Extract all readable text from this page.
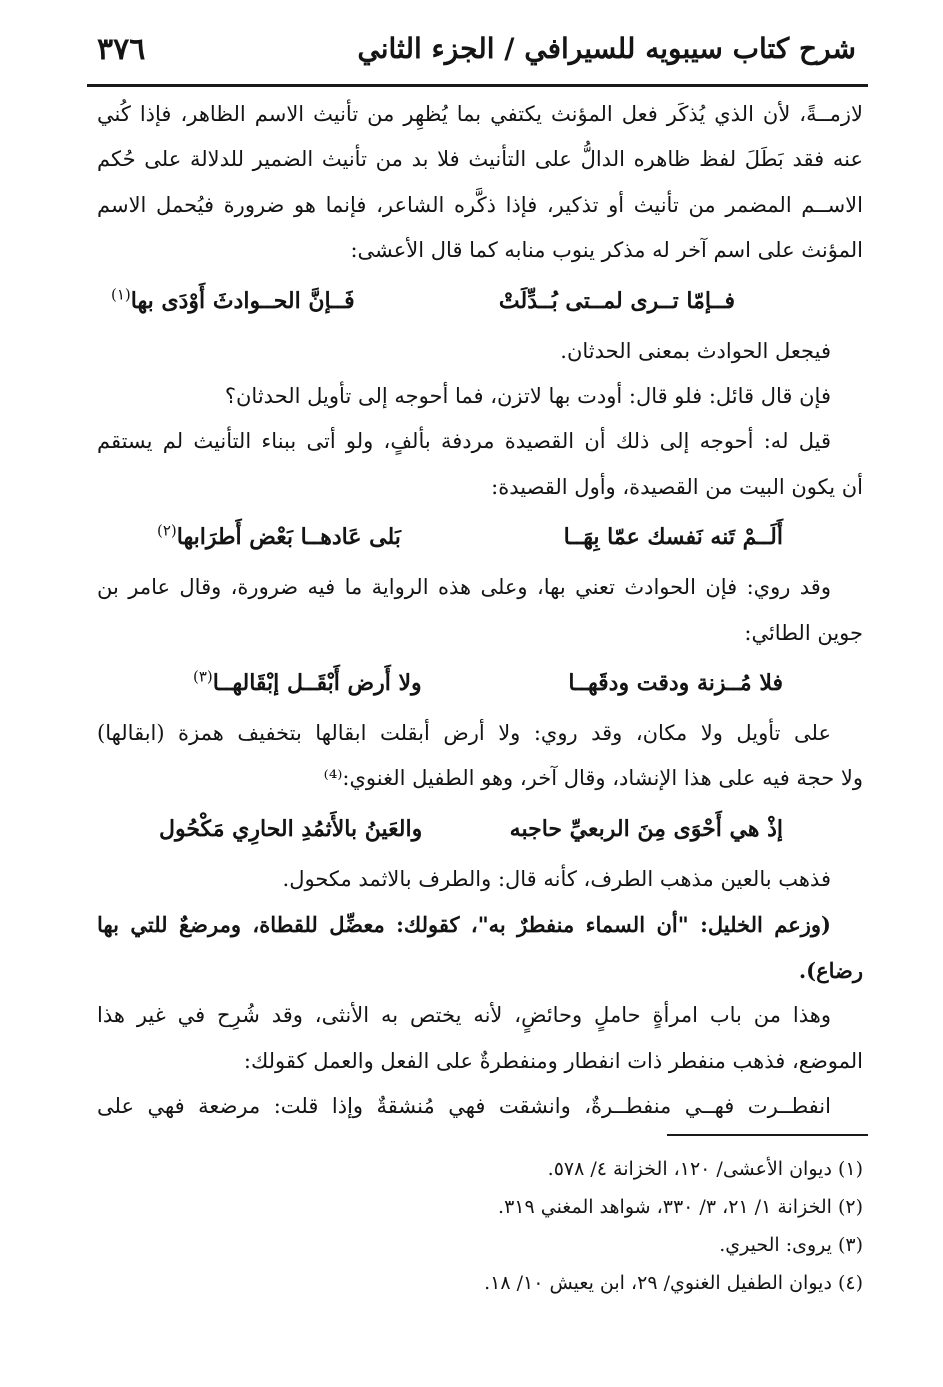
٣٧٦	شرح كتاب سيبويه للسيرافي / الجزء الثاني

لازمــةً، لأن الذي يُذكَر فعل المؤنث يكتفي بما يُظهِر من تأنيث الاسم الظاهر، فإذا كُني

عنه فقد بَطَلَ لفظ ظاهره الدالُّ على التأنيث فلا بد من تأنيث الضمير للدلالة على حُكم

الاســم المضمر من تأنيث أو تذكير، فإذا ذكَّره الشاعر، فإنما هو ضرورة فيُحمل الاسم

المؤنث على اسم آخر له مذكر ينوب منابه كما قال الأعشى:

فــإمّا تــرى لمــتى بُــدِّلَتْ
فَــإنَّ الحــوادثَ أَوْدَى بها$^{(١)}$

فيجعل الحوادث بمعنى الحدثان.

فإن قال قائل: فلو قال: أودت بها لاتزن، فما أحوجه إلى تأويل الحدثان؟

قيل له: أحوجه إلى ذلك أن القصيدة مردفة بألفٍ، ولو أتى ببناء التأنيث لم يستقم

أن يكون البيت من القصيدة، وأول القصيدة:

أَلَــمْ تَنه نَفسك عمّا بِهَــا
بَلى عَادهــا بَعْض أَطرَابها$^{(٢)}$

وقد روي: فإن الحوادث تعني بها، وعلى هذه الرواية ما فيه ضرورة، وقال عامر بن

جوين الطائي:

فلا مُــزنة ودقت ودقَهــا
ولا أَرض أَبْقَــل إبْقَالهــا$^{(٣)}$

على تأويل ولا مكان، وقد روي: ولا أرض أبقلت ابقالها بتخفيف همزة (ابقالها)

ولا حجة فيه على هذا الإنشاد، وقال آخر، وهو الطفيل الغنوي:⁽⁴⁾

إذْ هي أَحْوَى مِنَ الربعيِّ حاجبه
والعَينُ بالأَثمُدِ الحارِي مَكْحُول

فذهب بالعين مذهب الطرف، كأنه قال: والطرف بالاثمد مكحول.

(وزعم الخليل: "أن السماء منفطرٌ به"، كقولك: معضِّل للقطاة، ومرضعٌ للتي بها

رضاع).

وهذا من باب امرأةٍ حاملٍ وحائضٍ، لأنه يختص به الأنثى، وقد شُرِح في غير هذا

الموضع، فذهب منفطر ذات انفطار ومنفطرةٌ على الفعل والعمل كقولك:

انفطــرت فهــي منفطــرةٌ، وانشقت فهي مُنشقةٌ وإذا قلت: مرضعة فهي على

(١) ديوان الأعشى/ ١٢٠، الخزانة ٤/ ٥٧٨.

(٢) الخزانة ١/ ٢١، ٣/ ٣٣٠، شواهد المغني ٣١٩.

(٣) يروى: الحيري.

(٤) ديوان الطفيل الغنوي/ ٢٩، ابن يعيش ١٠/ ١٨.
